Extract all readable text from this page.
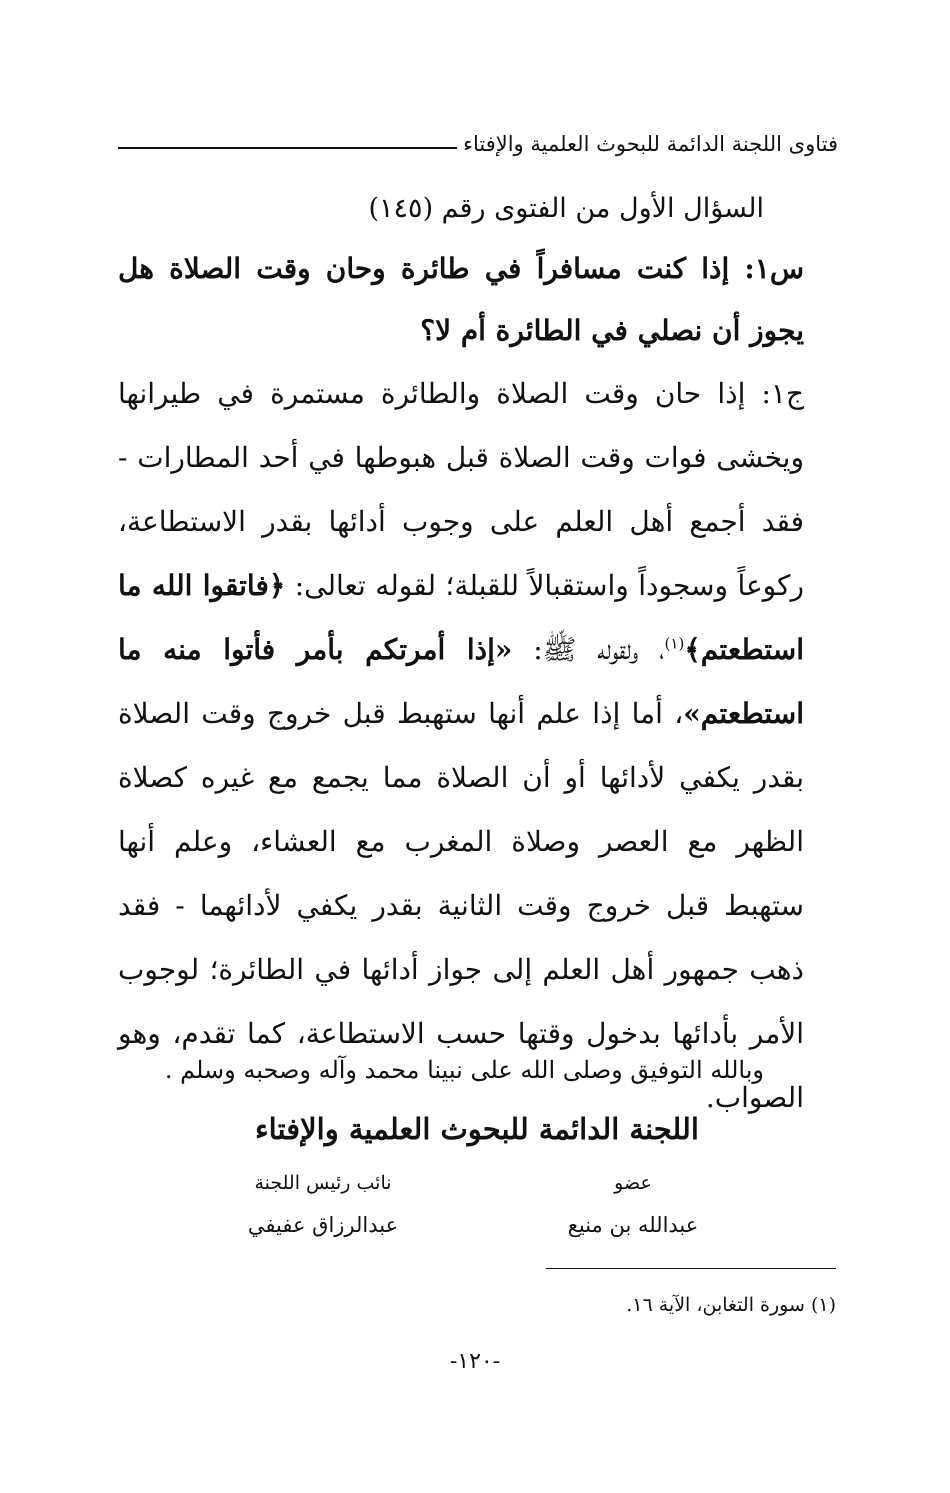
فتاوى اللجنة الدائمة للبحوث العلمية والإفتاء

السؤال الأول من الفتوى رقم (١٤٥)

س١: إذا كنت مسافراً في طائرة وحان وقت الصلاة هل يجوز أن نصلي في الطائرة أم لا؟

ج١: إذا حان وقت الصلاة والطائرة مستمرة في طيرانها ويخشى فوات وقت الصلاة قبل هبوطها في أحد المطارات - فقد أجمع أهل العلم على وجوب أدائها بقدر الاستطاعة، ركوعاً وسجوداً واستقبالاً للقبلة؛ لقوله تعالى: ﴿فاتقوا الله ما استطعتم﴾$^{(١)}$، ولقوله ﷺ: «إذا أمرتكم بأمر فأتوا منه ما استطعتم»، أما إذا علم أنها ستهبط قبل خروج وقت الصلاة بقدر يكفي لأدائها أو أن الصلاة مما يجمع مع غيره كصلاة الظهر مع العصر وصلاة المغرب مع العشاء، وعلم أنها ستهبط قبل خروج وقت الثانية بقدر يكفي لأدائهما - فقد ذهب جمهور أهل العلم إلى جواز أدائها في الطائرة؛ لوجوب الأمر بأدائها بدخول وقتها حسب الاستطاعة، كما تقدم، وهو الصواب.

وبالله التوفيق وصلى الله على نبينا محمد وآله وصحبه وسلم .
اللجنة الدائمة للبحوث العلمية والإفتاء
عضو
عبدالله بن منيع
نائب رئيس اللجنة
عبدالرزاق عفيفي
(١) سورة التغابن، الآية ١٦.
-١٢٠-
